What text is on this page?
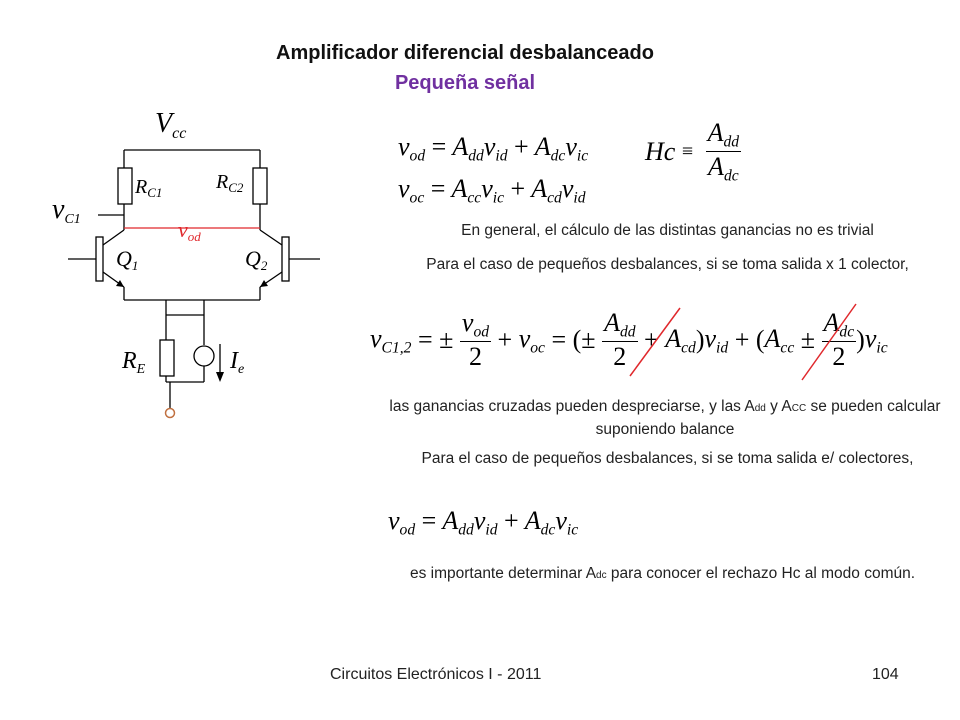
Amplificador diferencial desbalanceado
Pequeña señal
$V_{cc}$
$R_{C1}$	$R_{C2}$
vC1	vod
Q1	Q2
$R_E$	$I_e$
$v_{od} = A_{dd}v_{id} + A_{dc}v_{ic}$
$v_{oc} = A_{cc}v_{ic} + A_{cd}v_{id}$
$Hc \equiv \frac{A_{dd}}{A_{dc}}$
En general, el cálculo de las distintas ganancias no es trivial
Para el caso de pequeños desbalances, si se toma salida x 1 colector,
$v_{C1,2}$ = ± $\frac{v_{od}}{2} + v_{oc}$ = (± $\frac{A_{dd}}{2} + A_{cd})v_{id} + (A_{cc} \pm \frac{A_{dc}}{2} )v_{ic}$
las ganancias cruzadas pueden despreciarse, y las Add y ACC se pueden calcular suponiendo balance
Para el caso de pequeños desbalances, si se toma salida e/ colectores,
$v_{od} = A_{dd}v_{id} + A_{dc}v_{ic}$
es importante determinar Adc para conocer el rechazo Hc al modo común.
Circuitos Electrónicos I - 2011	104
